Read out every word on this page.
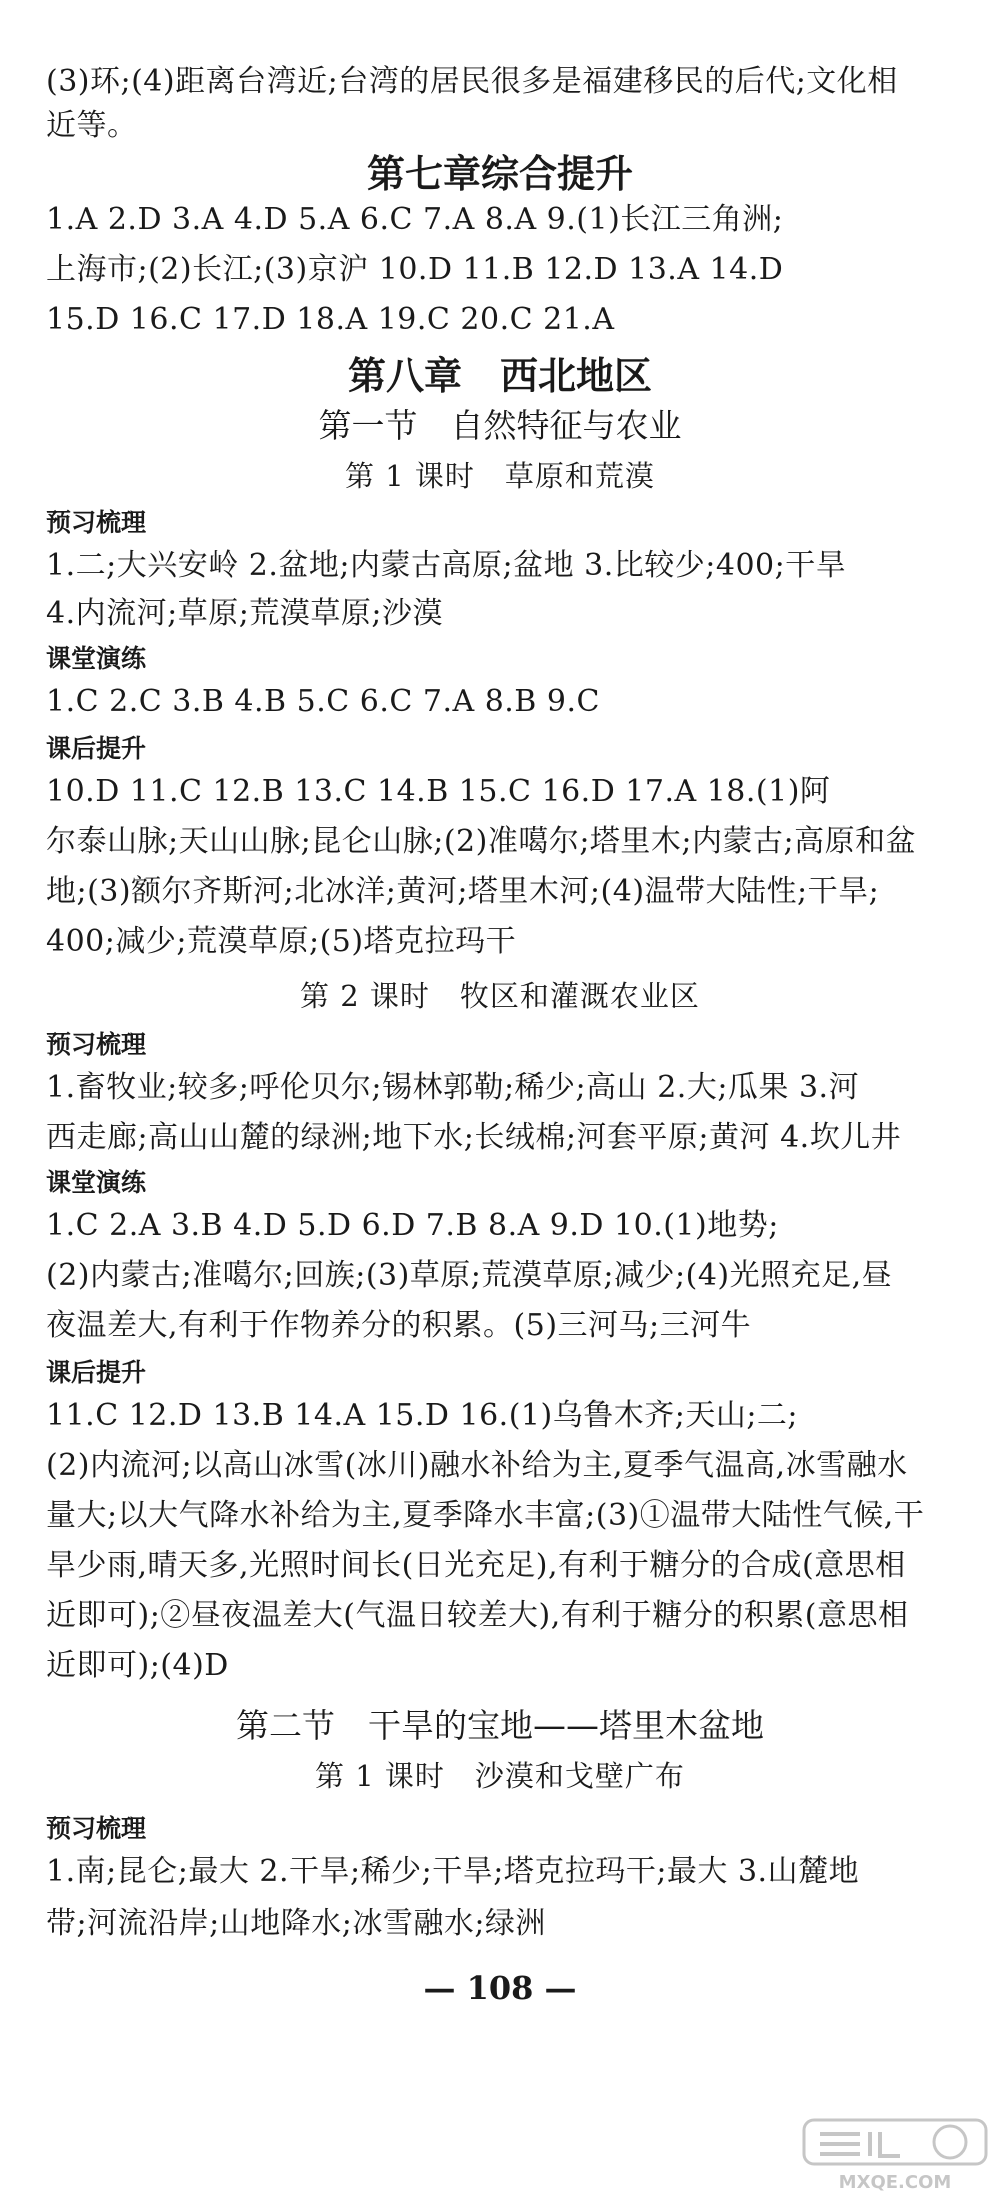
(3)环;(4)距离台湾近;台湾的居民很多是福建移民的后代;文化相
近等。
第七章综合提升
1.A 2.D 3.A 4.D 5.A 6.C 7.A 8.A 9.(1)长江三角洲;
上海市;(2)长江;(3)京沪 10.D 11.B 12.D 13.A 14.D
15.D 16.C 17.D 18.A 19.C 20.C 21.A
第八章　西北地区
第一节　自然特征与农业
第 1 课时　草原和荒漠
预习梳理
1.二;大兴安岭 2.盆地;内蒙古高原;盆地 3.比较少;400;干旱
4.内流河;草原;荒漠草原;沙漠
课堂演练
1.C 2.C 3.B 4.B 5.C 6.C 7.A 8.B 9.C
课后提升
10.D 11.C 12.B 13.C 14.B 15.C 16.D 17.A 18.(1)阿
尔泰山脉;天山山脉;昆仑山脉;(2)准噶尔;塔里木;内蒙古;高原和盆
地;(3)额尔齐斯河;北冰洋;黄河;塔里木河;(4)温带大陆性;干旱;
400;减少;荒漠草原;(5)塔克拉玛干
第 2 课时　牧区和灌溉农业区
预习梳理
1.畜牧业;较多;呼伦贝尔;锡林郭勒;稀少;高山 2.大;瓜果 3.河
西走廊;高山山麓的绿洲;地下水;长绒棉;河套平原;黄河 4.坎儿井
课堂演练
1.C 2.A 3.B 4.D 5.D 6.D 7.B 8.A 9.D 10.(1)地势;
(2)内蒙古;准噶尔;回族;(3)草原;荒漠草原;减少;(4)光照充足,昼
夜温差大,有利于作物养分的积累。(5)三河马;三河牛
课后提升
11.C 12.D 13.B 14.A 15.D 16.(1)乌鲁木齐;天山;二;
(2)内流河;以高山冰雪(冰川)融水补给为主,夏季气温高,冰雪融水
量大;以大气降水补给为主,夏季降水丰富;(3)①温带大陆性气候,干
旱少雨,晴天多,光照时间长(日光充足),有利于糖分的合成(意思相
近即可);②昼夜温差大(气温日较差大),有利于糖分的积累(意思相
近即可);(4)D
第二节　干旱的宝地——塔里木盆地
第 1 课时　沙漠和戈壁广布
预习梳理
1.南;昆仑;最大 2.干旱;稀少;干旱;塔克拉玛干;最大 3.山麓地
带;河流沿岸;山地降水;冰雪融水;绿洲
— 108 —
MXQE.COM
